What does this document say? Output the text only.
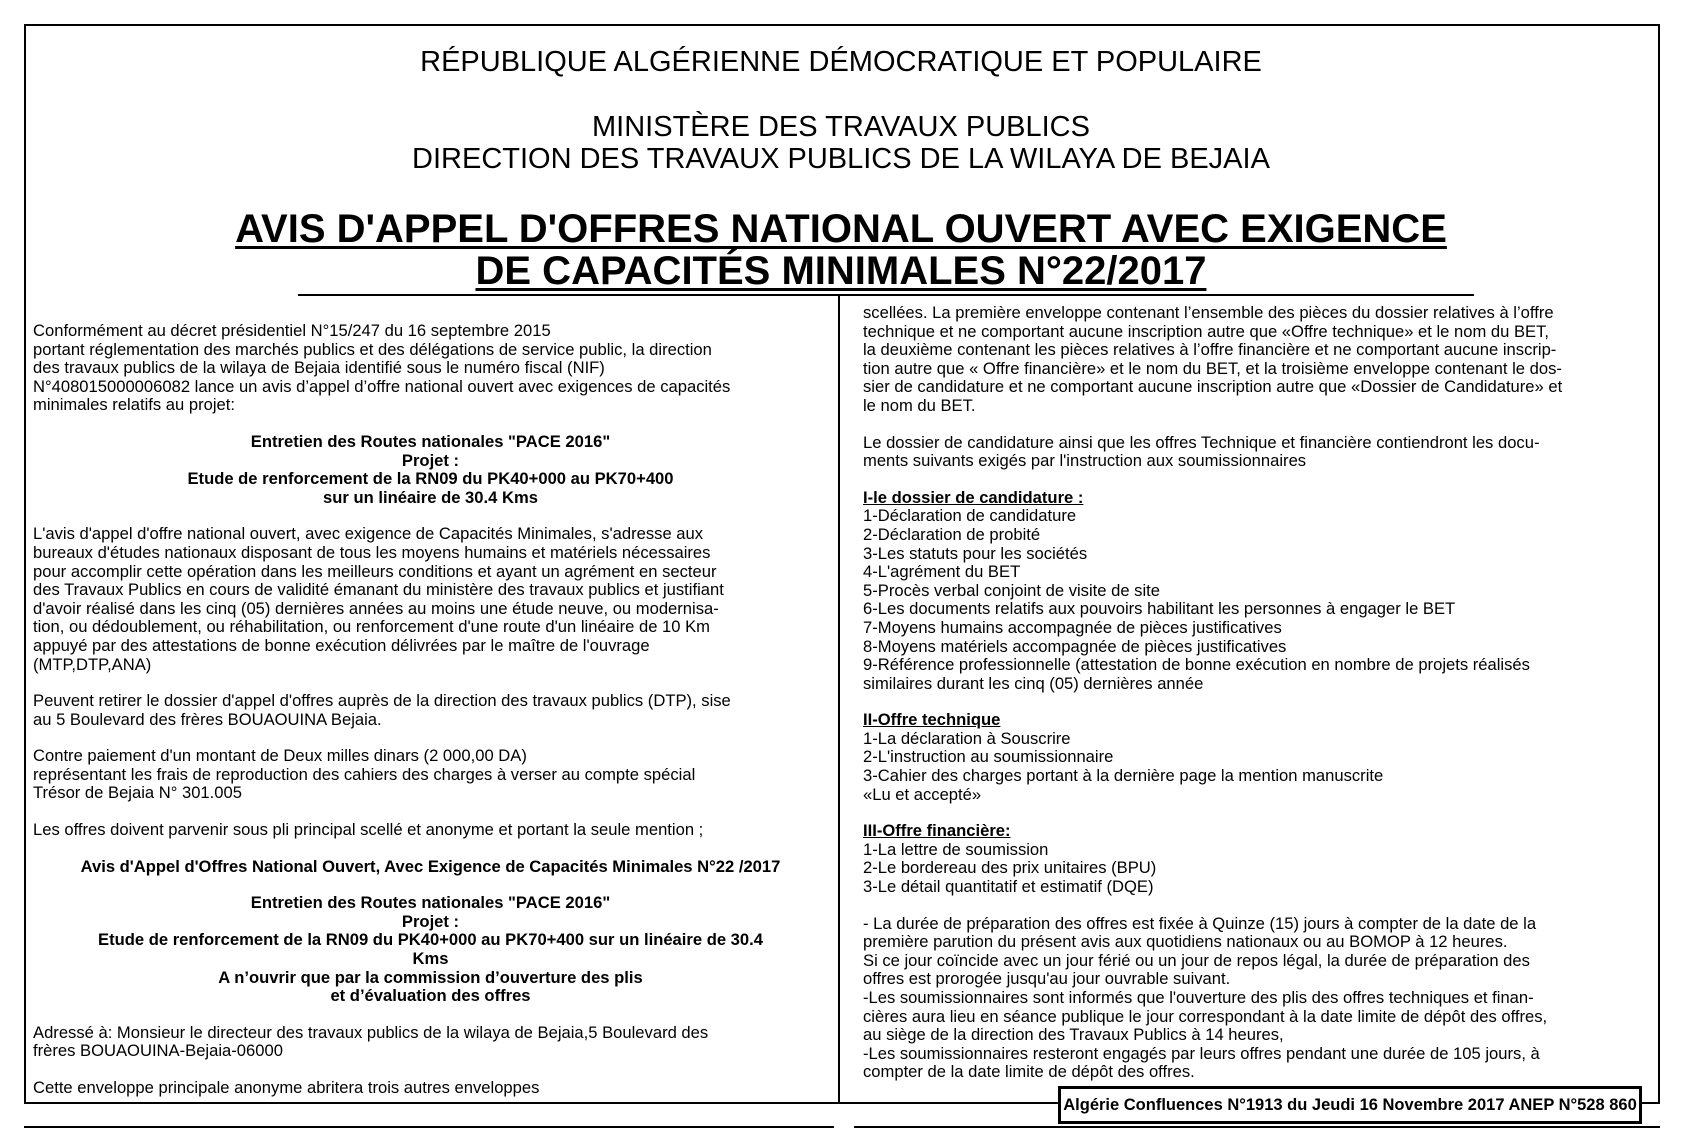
RÉPUBLIQUE ALGÉRIENNE DÉMOCRATIQUE ET POPULAIRE
MINISTÈRE DES TRAVAUX PUBLICS
DIRECTION DES TRAVAUX PUBLICS DE LA WILAYA DE BEJAIA
AVIS D'APPEL D'OFFRES NATIONAL OUVERT AVEC EXIGENCE
DE CAPACITÉS MINIMALES N°22/2017
Conformément au décret présidentiel N°15/247 du 16 septembre 2015
portant réglementation des marchés publics et des délégations de service public, la direction
des travaux publics de la wilaya de Bejaia identifié sous le numéro fiscal (NIF)
N°408015000006082 lance un avis d’appel d’offre national ouvert avec exigences de capacités
minimales relatifs au projet:
Entretien des Routes nationales "PACE 2016"
Projet :
Etude de renforcement de la RN09 du PK40+000 au PK70+400
sur un linéaire de 30.4 Kms
L'avis d'appel d'offre national ouvert, avec exigence de Capacités Minimales, s'adresse aux
bureaux d'études nationaux disposant de tous les moyens humains et matériels nécessaires
pour accomplir cette opération dans les meilleurs conditions et ayant un agrément en secteur
des Travaux Publics en cours de validité émanant du ministère des travaux publics et justifiant
d'avoir réalisé dans les cinq (05) dernières années au moins une étude neuve, ou modernisa-
tion, ou dédoublement, ou réhabilitation, ou renforcement d'une route d'un linéaire de 10 Km
appuyé par des attestations de bonne exécution délivrées par le maître de l'ouvrage
(MTP,DTP,ANA)
Peuvent retirer le dossier d'appel d'offres auprès de la direction des travaux publics (DTP), sise
au 5 Boulevard des frères BOUAOUINA Bejaia.
Contre paiement d'un montant de Deux milles dinars (2 000,00 DA)
représentant les frais de reproduction des cahiers des charges à verser au compte spécial
Trésor de Bejaia N° 301.005

Les offres doivent parvenir sous pli principal scellé et anonyme et portant la seule mention ;

Avis d'Appel d'Offres National Ouvert, Avec Exigence de Capacités Minimales N°22 /2017

Entretien des Routes nationales "PACE 2016"
Projet :
Etude de renforcement de la RN09 du PK40+000 au PK70+400 sur un linéaire de 30.4
Kms
A n’ouvrir que par la commission d’ouverture des plis
et d’évaluation des offres
Adressé à: Monsieur le directeur des travaux publics de la wilaya de Bejaia,5 Boulevard des
frères BOUAOUINA-Bejaia-06000

Cette enveloppe principale anonyme abritera trois autres enveloppes

scellées. La première enveloppe contenant l’ensemble des pièces du dossier relatives à l’offre
technique et ne comportant aucune inscription autre que «Offre technique» et le nom du BET,
la deuxième contenant les pièces relatives à l’offre financière et ne comportant aucune inscrip-
tion autre que « Offre financière» et le nom du BET, et la troisième enveloppe contenant le dos-
sier de candidature et ne comportant aucune inscription autre que «Dossier de Candidature» et
le nom du BET.
Le dossier de candidature ainsi que les offres Technique et financière contiendront les docu-
ments suivants exigés par l'instruction aux soumissionnaires
I-le dossier de candidature :
1-Déclaration de candidature
2-Déclaration de probité
3-Les statuts pour les sociétés
4-L'agrément du BET
5-Procès verbal conjoint de visite de site
6-Les documents relatifs aux pouvoirs habilitant les personnes à engager le BET
7-Moyens humains accompagnée de pièces justificatives
8-Moyens matériels accompagnée de pièces justificatives
9-Référence professionnelle (attestation de bonne exécution en nombre de projets réalisés
similaires durant les cinq (05) dernières année
II-Offre technique
1-La déclaration à Souscrire
2-L'instruction au soumissionnaire
3-Cahier des charges portant à la dernière page la mention manuscrite
«Lu et accepté»
III-Offre financière:
1-La lettre de soumission
2-Le bordereau des prix unitaires (BPU)
3-Le détail quantitatif et estimatif (DQE)
- La durée de préparation des offres est fixée à Quinze (15) jours à compter de la date de la
première parution du présent avis aux quotidiens nationaux ou au BOMOP à 12 heures.
Si ce jour coïncide avec un jour férié ou un jour de repos légal, la durée de préparation des
offres est prorogée jusqu'au jour ouvrable suivant.
-Les soumissionnaires sont informés que l'ouverture des plis des offres techniques et finan-
cières aura lieu en séance publique le jour correspondant à la date limite de dépôt des offres,
au siège de la direction des Travaux Publics à 14 heures,
-Les soumissionnaires resteront engagés par leurs offres pendant une durée de 105 jours, à
compter de la date limite de dépôt des offres.
Algérie Confluences N°1913 du Jeudi 16 Novembre 2017 ANEP N°528 860
